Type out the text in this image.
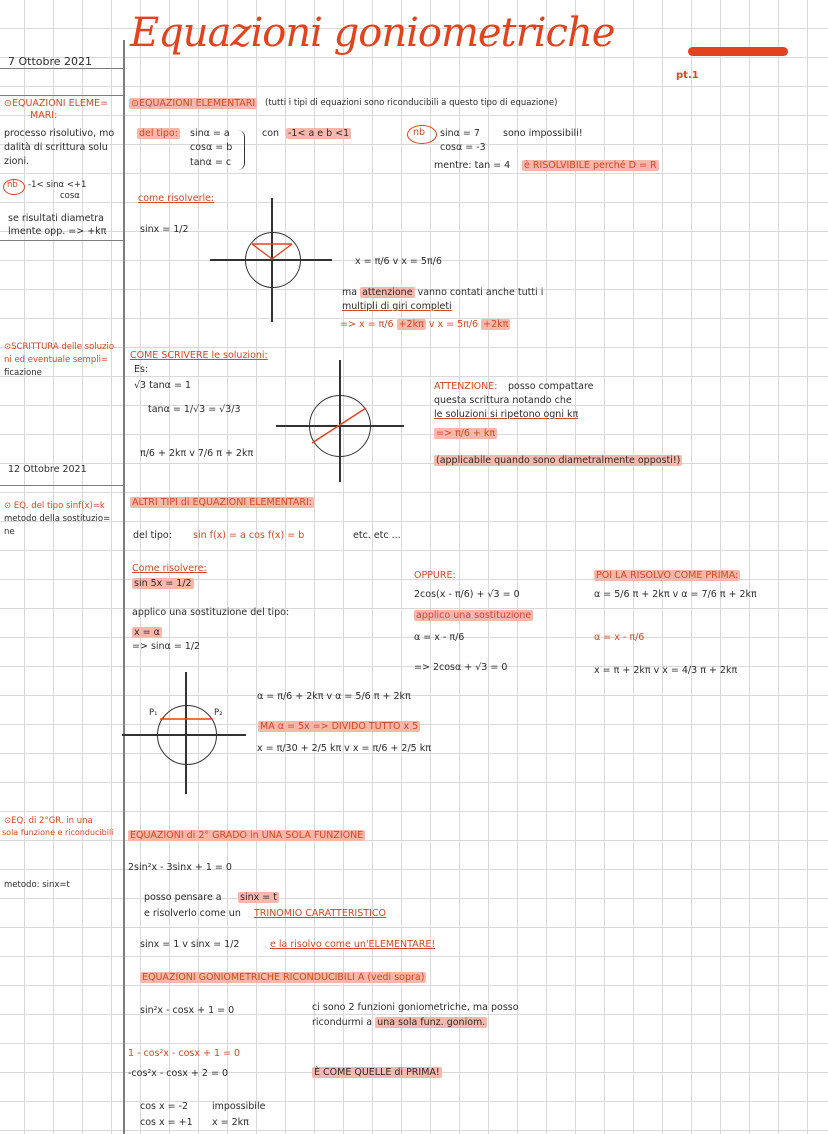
7 Ottobre 2021
Equazioni goniometriche
pt.1
⊙EQUAZIONI ELEME=
MARI:
processo risolutivo, mo
dalità di scrittura solu
zioni.
nb -1< sinα <+1
cosα
se risultati diametra
lmente opp. => +kπ
⊙SCRITTURA delle soluzio
ni ed eventuale sempli=
ficazione
12 Ottobre 2021
⊙ EQ. del tipo sinf(x)=k
metodo della sostituzio=
ne
⊙EQ. di 2°GR. in una
sola funzione e riconducibili
metodo: sinx=t
⊙EQUAZIONI ELEMENTARI (tutti i tipi di equazioni sono riconducibili a questo tipo di equazione)
del tipo: sinα = a
cosα = b
tanα = c
con -1< a e b <1	nb sinα = 7
cosα = -3
sono impossibili!
mentre: tan = 4 è RISOLVIBILE perché D = R
come risolverle:
sinx = 1/2
x = π/6 v x = 5π/6
ma attenzione vanno contati anche tutti i
multipli di giri completi
=> x = π/6 +2kπ v x = 5π/6 +2kπ
COME SCRIVERE le soluzioni:
Es:
√3 tanα = 1
tanα = 1/√3 = √3/3
π/6 + 2kπ v 7/6 π + 2kπ
ATTENZIONE: posso compattare
questa scrittura notando che
le soluzioni si ripetono ogni kπ
=> π/6 + kπ
(applicabile quando sono diametralmente opposti!)
ALTRI TIPI di EQUAZIONI ELEMENTARI:
del tipo: sin f(x) = a cos f(x) = b	etc. etc ...
Come risolvere:
sin 5x = 1/2
applico una sostituzione del tipo:
x = α
=> sinα = 1/2
P₁	P₂
α = π/6 + 2kπ v α = 5/6 π + 2kπ
MA α = 5x => DIVIDO TUTTO x 5
x = π/30 + 2/5 kπ v x = π/6 + 2/5 kπ
OPPURE:
2cos(x - π/6) + √3 = 0
applico una sostituzione
α = x - π/6
=> 2cosα + √3 = 0
POI LA RISOLVO COME PRIMA:
α = 5/6 π + 2kπ v α = 7/6 π + 2kπ
α = x - π/6
x = π + 2kπ v x = 4/3 π + 2kπ
EQUAZIONI di 2° GRADO in UNA SOLA FUNZIONE
2sin²x - 3sinx + 1 = 0
posso pensare a sinx = t
e risolverlo come un TRINOMIO CARATTERISTICO
sinx = 1 v sinx = 1/2	e la risolvo come un'ELEMENTARE!
EQUAZIONI GONIOMETRICHE RICONDUCIBILI A (vedi sopra)
sin²x - cosx + 1 = 0	ci sono 2 funzioni goniometriche, ma posso
ricondurmi a una sola funz. goniom.
1 - cos²x - cosx + 1 = 0
-cos²x - cosx + 2 = 0	È COME QUELLE di PRIMA!
cos x = -2	impossibile
cos x = +1 x = 2kπ
